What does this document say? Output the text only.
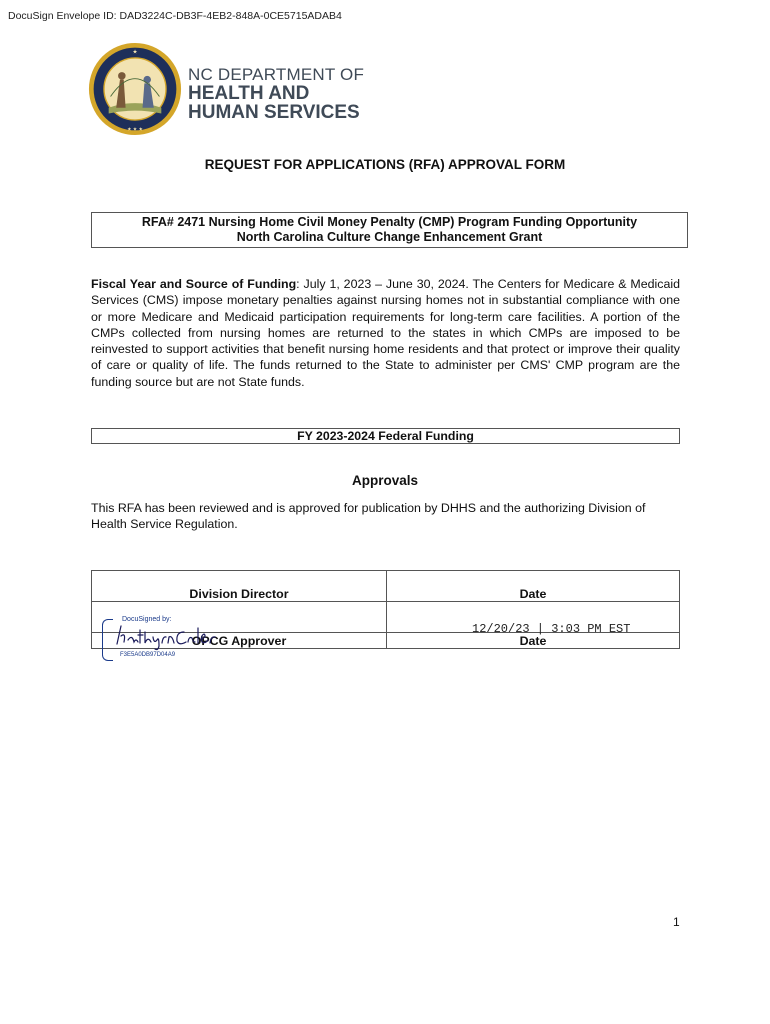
DocuSign Envelope ID: DAD3224C-DB3F-4EB2-848A-0CE5715ADAB4
★
★ ★ ★
NC DEPARTMENT OF
HEALTH AND
HUMAN SERVICES
REQUEST FOR APPLICATIONS (RFA) APPROVAL FORM
RFA# 2471 Nursing Home Civil Money Penalty (CMP) Program Funding Opportunity
North Carolina Culture Change Enhancement Grant
Fiscal Year and Source of Funding: July 1, 2023 – June 30, 2024. The Centers for Medicare & Medicaid Services (CMS) impose monetary penalties against nursing homes not in substantial compliance with one or more Medicare and Medicaid participation requirements for long-term care facilities. A portion of the CMPs collected from nursing homes are returned to the states in which CMPs are imposed to be reinvested to support activities that benefit nursing home residents and that protect or improve their quality of care or quality of life. The funds returned to the State to administer per CMS' CMP program are the funding source but are not State funds.
FY 2023-2024 Federal Funding
Approvals
This RFA has been reviewed and is approved for publication by DHHS and the authorizing Division of Health Service Regulation.
Division Director	Date

OPCG Approver	Date
DocuSigned by:
F3E5A0DB97D04A9
12/20/23 | 3:03 PM EST
1
